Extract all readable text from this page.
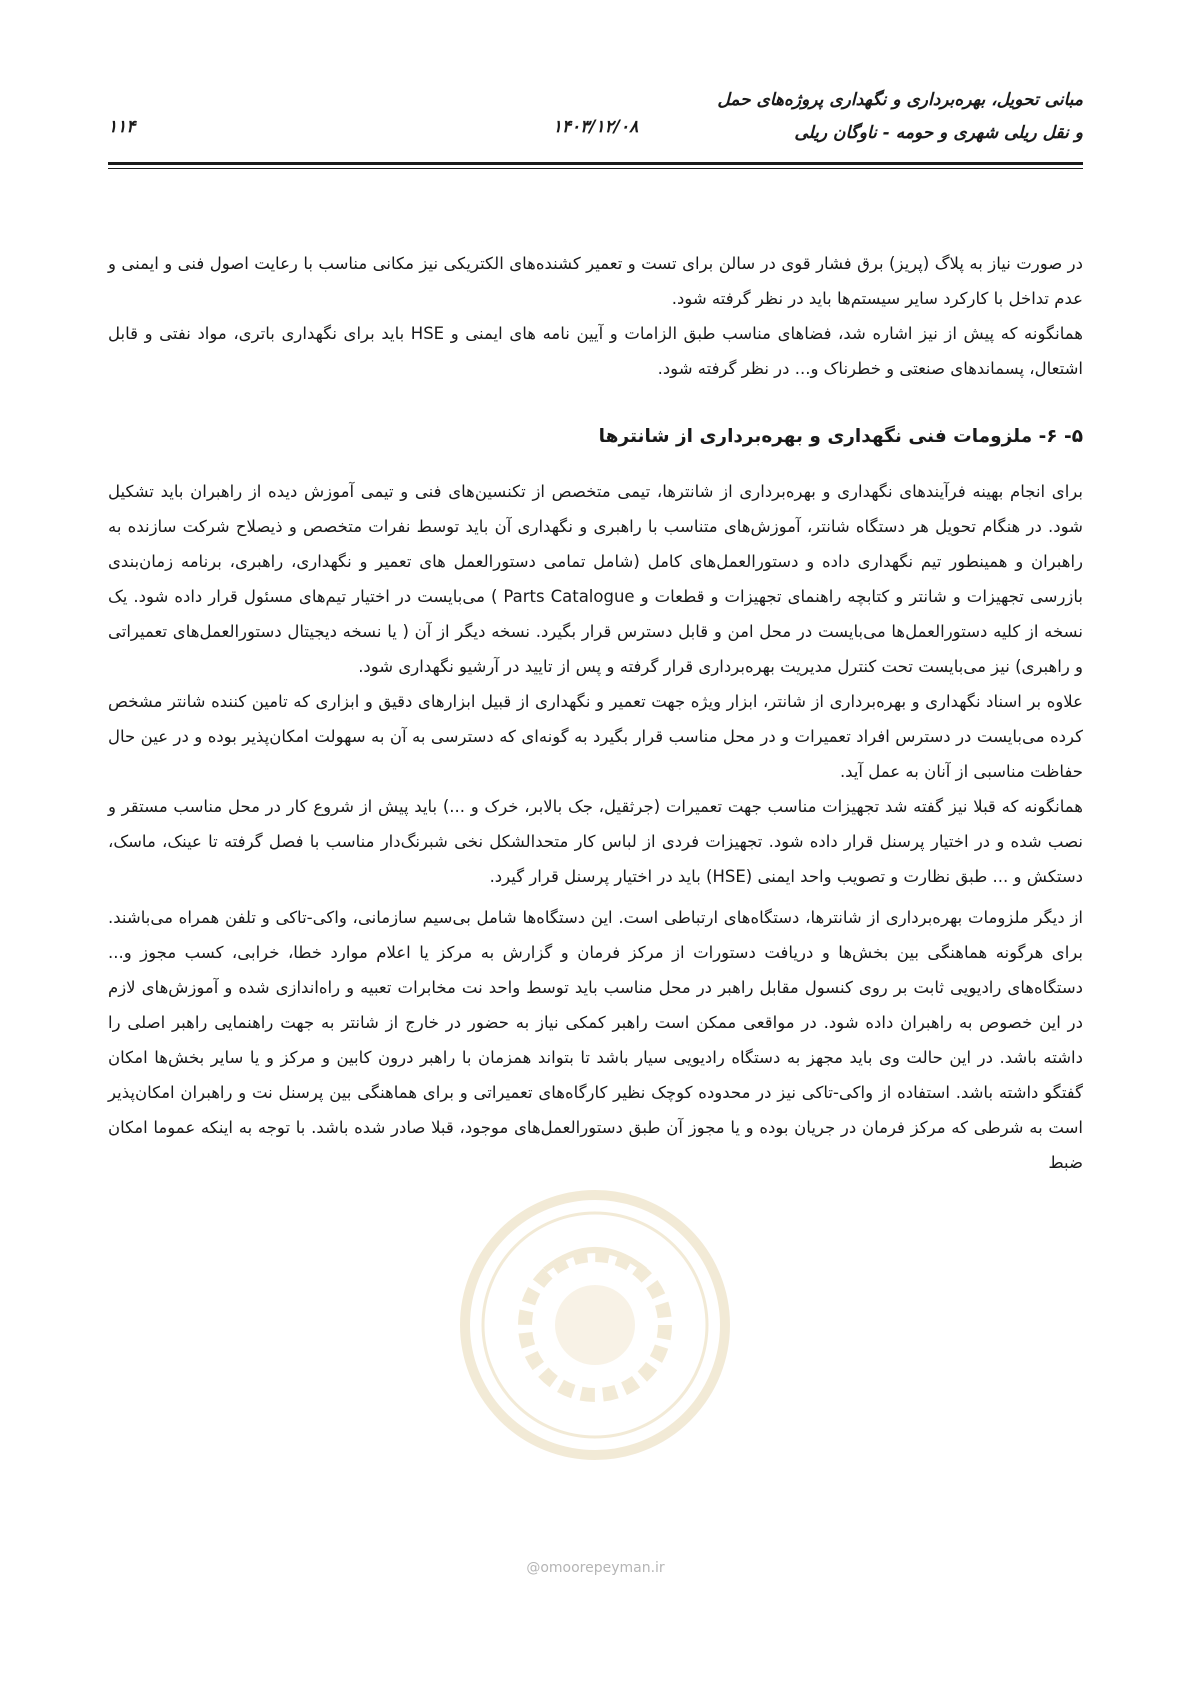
مبانی تحویل، بهره‌برداری و نگهداری پروژه‌های حمل
و نقل ریلی شهری و حومه - ناوگان ریلی
۱۴۰۳/۱۲/۰۸
۱۱۴

در صورت نیاز به پلاگ (پریز) برق فشار قوی در سالن برای تست و تعمیر کشنده‌های الکتریکی نیز مکانی مناسب با رعایت اصول فنی و ایمنی و عدم تداخل با کارکرد سایر سیستم‌ها باید در نظر گرفته شود.

همانگونه که پیش از نیز اشاره شد، فضاهای مناسب طبق الزامات و آیین نامه های ایمنی و HSE باید برای نگهداری باتری، مواد نفتی و قابل اشتعال، پسماندهای صنعتی و خطرناک و... در نظر گرفته شود.

۵- ۶- ملزومات فنی نگهداری و بهره‌برداری از شانترها

برای انجام بهینه فرآیندهای نگهداری و بهره‌برداری از شانترها، تیمی متخصص از تکنسین‌های فنی و تیمی آموزش دیده از راهبران باید تشکیل شود. در هنگام تحویل هر دستگاه شانتر، آموزش‌های متناسب با راهبری و نگهداری آن باید توسط نفرات متخصص و ذیصلاح شرکت سازنده به راهبران و همینطور تیم نگهداری داده و دستورالعمل‌های کامل (شامل تمامی دستورالعمل های تعمیر و نگهداری، راهبری، برنامه زمان‌بندی بازرسی تجهیزات و شانتر و کتابچه راهنمای تجهیزات و قطعات و Parts Catalogue ) می‌بایست در اختیار تیم‌های مسئول قرار داده شود. یک نسخه از کلیه دستورالعمل‌ها می‌بایست در محل امن و قابل دسترس قرار بگیرد. نسخه دیگر از آن ( یا نسخه دیجیتال دستورالعمل‌های تعمیراتی و راهبری) نیز می‌بایست تحت کنترل مدیریت بهره‌برداری قرار گرفته و پس از تایید در آرشیو نگهداری شود.

علاوه بر اسناد نگهداری و بهره‌برداری از شانتر، ابزار ویژه جهت تعمیر و نگهداری از قبیل ابزارهای دقیق و ابزاری که تامین کننده شانتر مشخص کرده می‌بایست در دسترس افراد تعمیرات و در محل مناسب قرار بگیرد به گونه‌ای که دسترسی به آن به سهولت امکان‌پذیر بوده و در عین حال حفاظت مناسبی از آنان به عمل آید.

همانگونه که قبلا نیز گفته شد تجهیزات مناسب جهت تعمیرات (جرثقیل، جک بالابر، خرک و ...) باید پیش از شروع کار در محل مناسب مستقر و نصب شده و در اختیار پرسنل قرار داده شود. تجهیزات فردی از لباس کار متحدالشکل نخی شبرنگ‌دار مناسب با فصل گرفته تا عینک، ماسک، دستکش و ... طبق نظارت و تصویب واحد ایمنی (HSE) باید در اختیار پرسنل قرار گیرد.

از دیگر ملزومات بهره‌برداری از شانترها، دستگاه‌های ارتباطی است. این دستگاه‌ها شامل بی‌سیم سازمانی، واکی-تاکی و تلفن همراه می‌باشند. برای هرگونه هماهنگی بین بخش‌ها و دریافت دستورات از مرکز فرمان و گزارش به مرکز یا اعلام موارد خطا، خرابی، کسب مجوز و... دستگاه‌های رادیویی ثابت بر روی کنسول مقابل راهبر در محل مناسب باید توسط واحد نت مخابرات تعبیه و راه‌اندازی شده و آموزش‌های لازم در این خصوص به راهبران داده شود. در مواقعی ممکن است راهبر کمکی نیاز به حضور در خارج از شانتر به جهت راهنمایی راهبر اصلی را داشته باشد. در این حالت وی باید مجهز به دستگاه رادیویی سیار باشد تا بتواند همزمان با راهبر درون کابین و مرکز و یا سایر بخش‌ها امکان گفتگو داشته باشد. استفاده از واکی-تاکی نیز در محدوده کوچک نظیر کارگاه‌های تعمیراتی و برای هماهنگی بین پرسنل نت و راهبران امکان‌پذیر است به شرطی که مرکز فرمان در جریان بوده و یا مجوز آن طبق دستورالعمل‌های موجود، قبلا صادر شده باشد. با توجه به اینکه عموما امکان ضبط

@omoorepeyman.ir
